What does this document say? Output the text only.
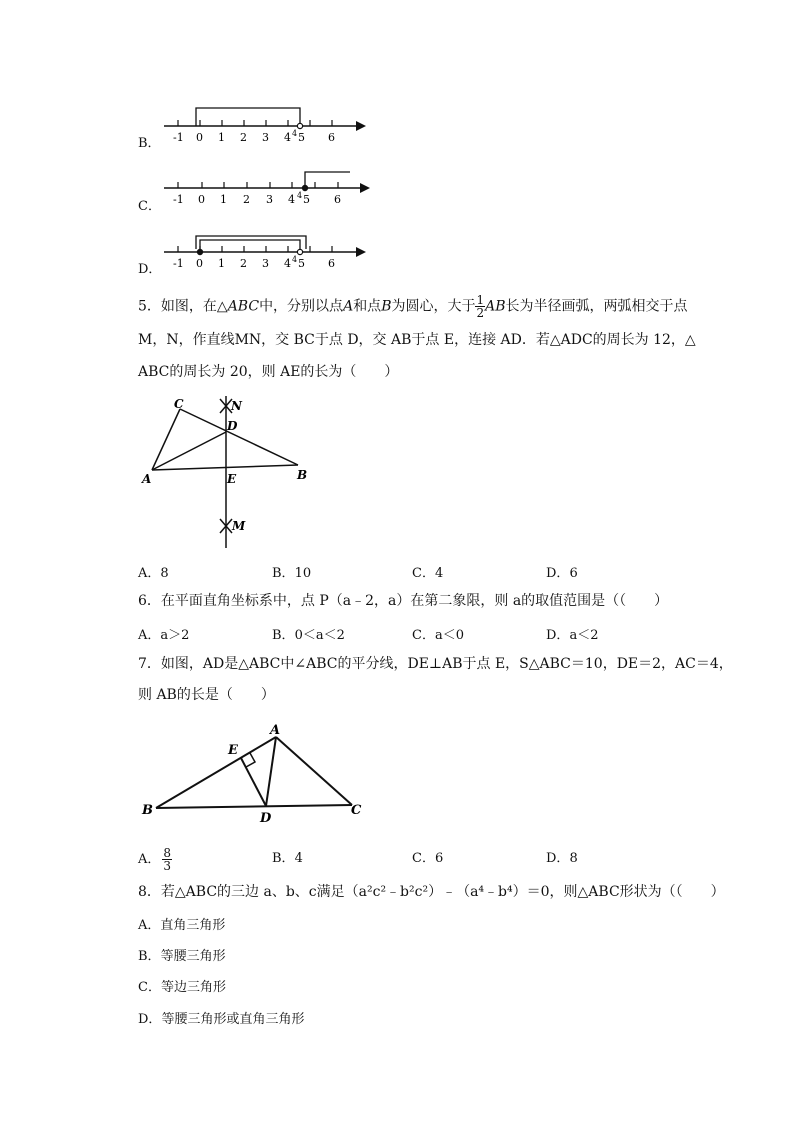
B． -1 0 1 2 3 4 4 5 6
C． -1 0 1 2 3 4 4 5 6
D． -1 0 1 2 3 4 4 5 6
5．如图，在△ABC中，分别以点A和点B为圆心，大于 $\frac{1}{2}$ AB长为半径画弧，两弧相交于点
M，N，作直线MN，交 BC于点 D，交 AB于点 E，连接 AD．若△ADC的周长为 12，△
ABC的周长为 20，则 AE的长为（　　）
C	N
D
A	E	B
M
A．8	B．10	C．4	D．6
6．在平面直角坐标系中，点 P（a﹣2，a）在第二象限，则 a的取值范围是（（　　）
A．a＞2	B．0＜a＜2	C．a＜0	D．a＜2
7．如图，AD是△ABC中∠ABC的平分线，DE⊥AB于点 E，S△ABC＝10，DE＝2，AC＝4，
则 AB的长是（　　）
A
E
B
D
C
A． $\frac{8}{3}$	B．4	C．6	D．8
8．若△ABC的三边 a、b、c满足（a²c²﹣b²c²）﹣（a⁴﹣b⁴）＝0，则△ABC形状为（（　　）
A．直角三角形
B．等腰三角形
C．等边三角形
D．等腰三角形或直角三角形
